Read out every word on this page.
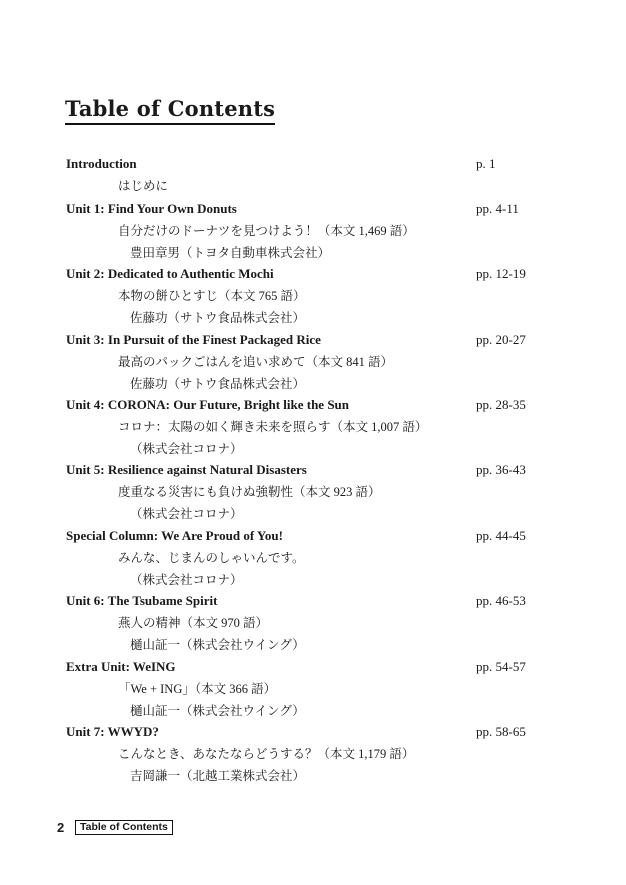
Table of Contents
Introduction	p. 1
はじめに
Unit 1: Find Your Own Donuts	pp. 4-11
自分だけのドーナツを見つけよう！（本文 1,469 語）
豊田章男（トヨタ自動車株式会社）
Unit 2: Dedicated to Authentic Mochi	pp. 12-19
本物の餅ひとすじ（本文 765 語）
佐藤功（サトウ食品株式会社）
Unit 3: In Pursuit of the Finest Packaged Rice	pp. 20-27
最高のパックごはんを追い求めて（本文 841 語）
佐藤功（サトウ食品株式会社）
Unit 4: CORONA: Our Future, Bright like the Sun	pp. 28-35
コロナ：太陽の如く輝き未来を照らす（本文 1,007 語）
（株式会社コロナ）
Unit 5: Resilience against Natural Disasters	pp. 36-43
度重なる災害にも負けぬ強靭性（本文 923 語）
（株式会社コロナ）
Special Column: We Are Proud of You!	pp. 44-45
みんな、じまんのしゃいんです。
（株式会社コロナ）
Unit 6: The Tsubame Spirit	pp. 46-53
燕人の精神（本文 970 語）
樋山証一（株式会社ウイング）
Extra Unit: WeING	pp. 54-57
「We + ING」（本文 366 語）
樋山証一（株式会社ウイング）
Unit 7: WWYD?	pp. 58-65
こんなとき、あなたならどうする？（本文 1,179 語）
吉岡謙一（北越工業株式会社）
2	Table of Contents
